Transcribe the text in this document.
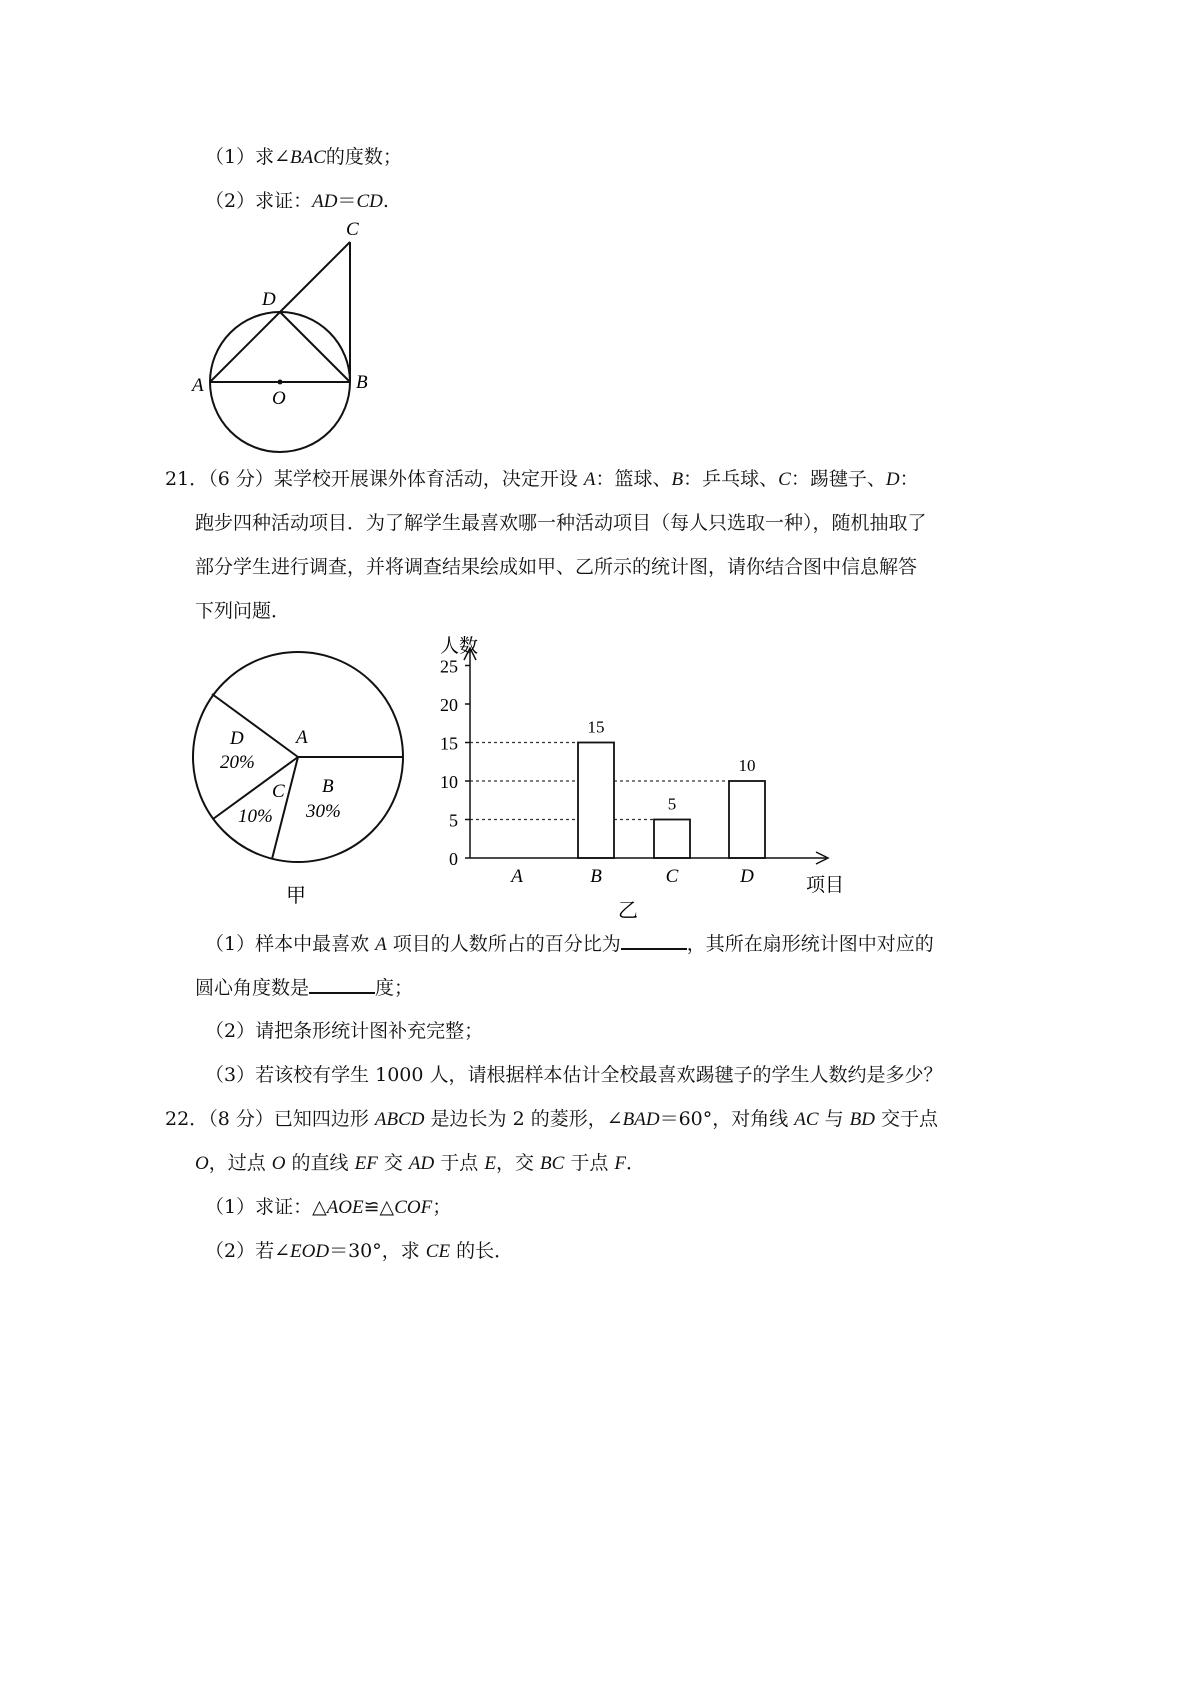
（1）求∠BAC的度数；
（2）求证：AD＝CD.
A	B
C
D
O
21．（6 分）某学校开展课外体育活动，决定开设 A：篮球、B：乒乓球、C：踢毽子、D：
跑步四种活动项目．为了解学生最喜欢哪一种活动项目（每人只选取一种），随机抽取了
部分学生进行调查，并将调查结果绘成如甲、乙所示的统计图，请你结合图中信息解答
下列问题．
A
D
20%
C
10%
B
30%
甲
0
5
10
15
20
25
A
15
B
5
C
10
D
人数
项目
乙
（1）样本中最喜欢 A 项目的人数所占的百分比为	，其所在扇形统计图中对应的
圆心角度数是	度；
（2）请把条形统计图补充完整；
（3）若该校有学生 1000 人，请根据样本估计全校最喜欢踢毽子的学生人数约是多少？
22．（8 分）已知四边形 ABCD 是边长为 2 的菱形，∠BAD＝60°，对角线 AC 与 BD 交于点
O，过点 O 的直线 EF 交 AD 于点 E，交 BC 于点 F．
（1）求证：△AOE≌△COF；
（2）若∠EOD＝30°，求 CE 的长．
